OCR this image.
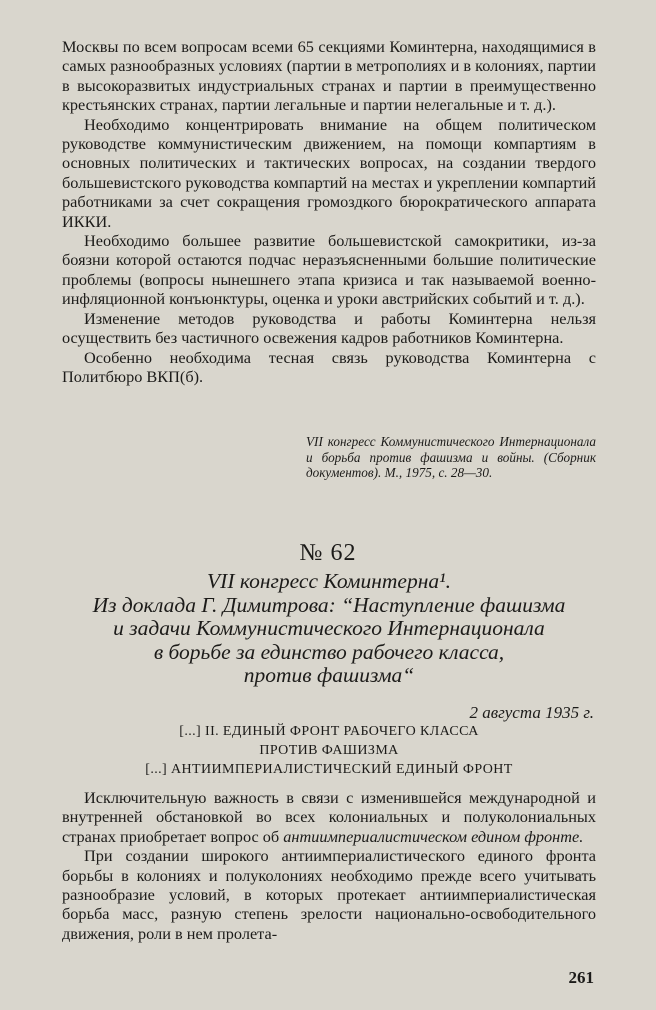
Москвы по всем вопросам всеми 65 секциями Коминтерна, находящимися в самых разнообразных условиях (партии в метрополиях и в колониях, партии в высокоразвитых индустриальных странах и партии в преимущественно крестьянских странах, партии легальные и партии нелегальные и т. д.).

Необходимо концентрировать внимание на общем политическом руководстве коммунистическим движением, на помощи компартиям в основных политических и тактических вопросах, на создании твердого большевистского руководства компартий на местах и укреплении компартий работниками за счет сокращения громоздкого бюрократического аппарата ИККИ.

Необходимо большее развитие большевистской самокритики, из-за боязни которой остаются подчас неразъясненными большие политические проблемы (вопросы нынешнего этапа кризиса и так называемой военно-инфляционной конъюнктуры, оценка и уроки австрийских событий и т. д.).

Изменение методов руководства и работы Коминтерна нельзя осуществить без частичного освежения кадров работников Коминтерна.

Особенно необходима тесная связь руководства Коминтерна с Политбюро ВКП(б).

VII конгресс Коммунистического Интернационала и борьба против фашизма и войны. (Сборник документов). М., 1975, с. 28—30.
№ 62
VII конгресс Коминтерна¹.
Из доклада Г. Димитрова: “Наступление фашизма
и задачи Коммунистического Интернационала
в борьбе за единство рабочего класса,
против фашизма“
2 августа 1935 г.
[...] II. ЕДИНЫЙ ФРОНТ РАБОЧЕГО КЛАССА
ПРОТИВ ФАШИЗМА
[...] АНТИИМПЕРИАЛИСТИЧЕСКИЙ ЕДИНЫЙ ФРОНТ

Исключительную важность в связи с изменившейся международной и внутренней обстановкой во всех колониальных и полуколониальных странах приобретает вопрос об антиимпериалистическом едином фронте.

При создании широкого антиимпериалистического единого фронта борьбы в колониях и полуколониях необходимо прежде всего учитывать разнообразие условий, в которых протекает антиимпериалистическая борьба масс, разную степень зрелости национально-освободительного движения, роли в нем пролета-

261
